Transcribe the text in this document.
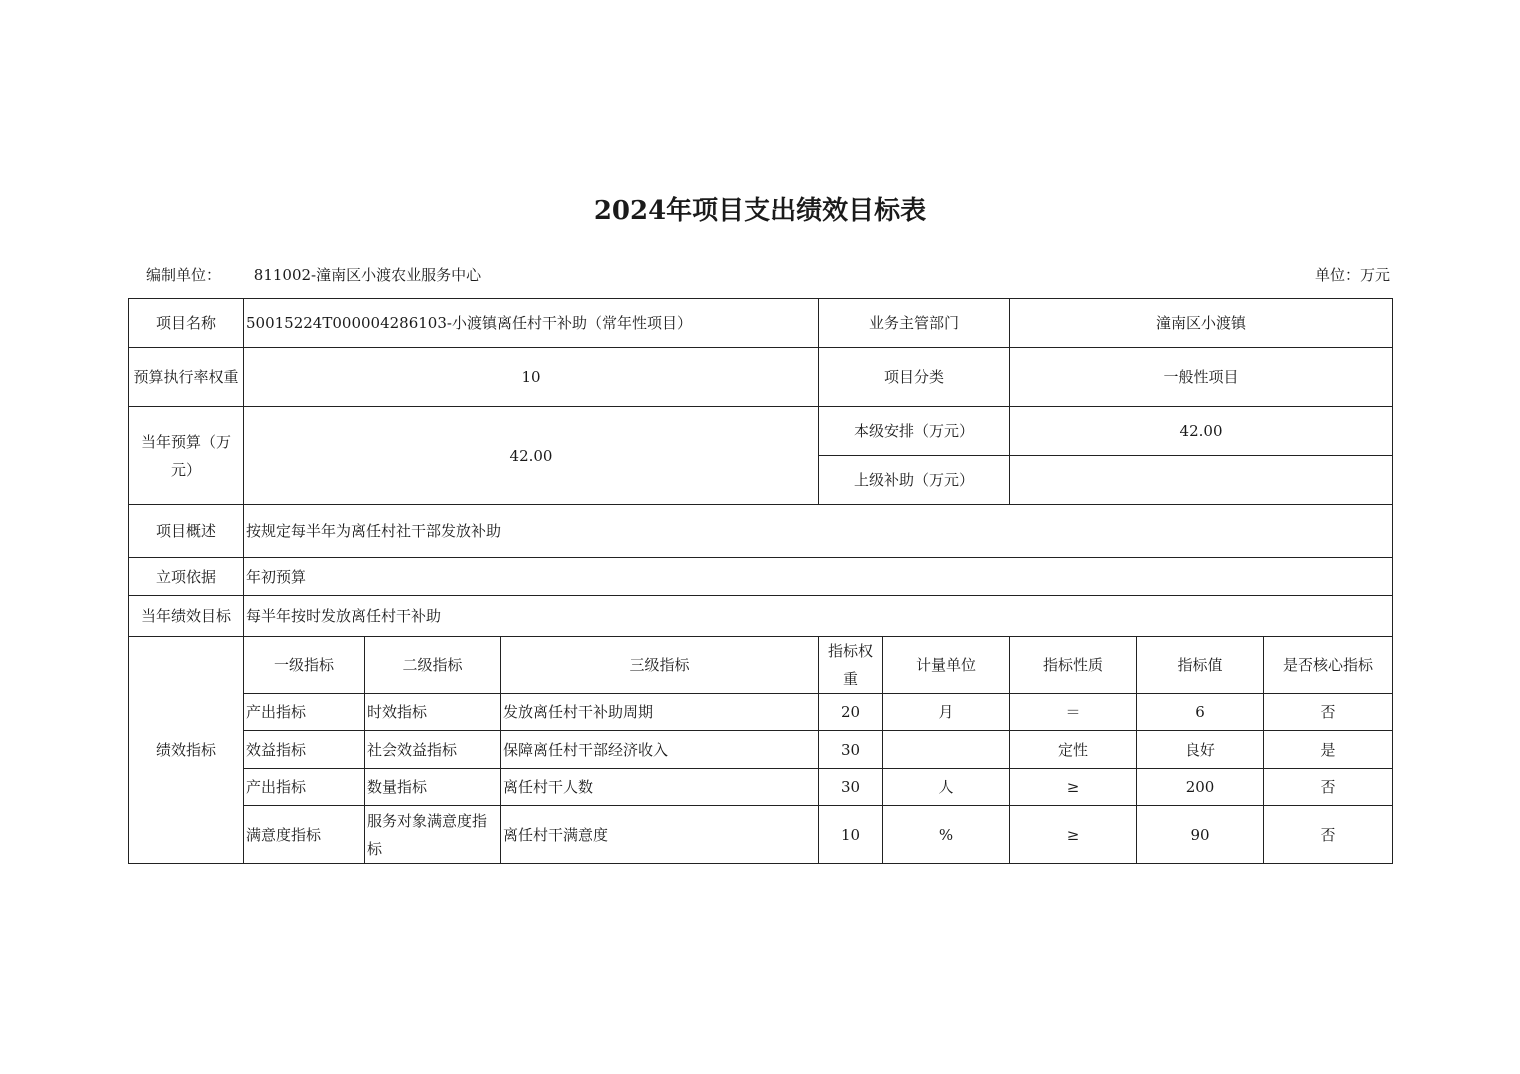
2024年项目支出绩效目标表
编制单位： 811002-潼南区小渡农业服务中心	单位：万元
项目名称	50015224T000004286103-小渡镇离任村干补助（常年性项目）			业务主管部门		潼南区小渡镇		
预算执行率权重	10			项目分类		一般性项目		
当年预算（万元）	42.00			本级安排（万元）		42.00		
				上级补助（万元）				
项目概述	按规定每半年为离任村社干部发放补助							
立项依据	年初预算							
当年绩效目标	每半年按时发放离任村干补助							
绩效指标	一级指标	二级指标	三级指标	指标权重	计量单位	指标性质	指标值	是否核心指标
	产出指标	时效指标	发放离任村干补助周期	20	月	＝	6	否
	效益指标	社会效益指标	保障离任村干部经济收入	30		定性	良好	是
	产出指标	数量指标	离任村干人数	30	人	≥	200	否
	满意度指标	服务对象满意度指标	离任村干满意度	10	%	≥	90	否
